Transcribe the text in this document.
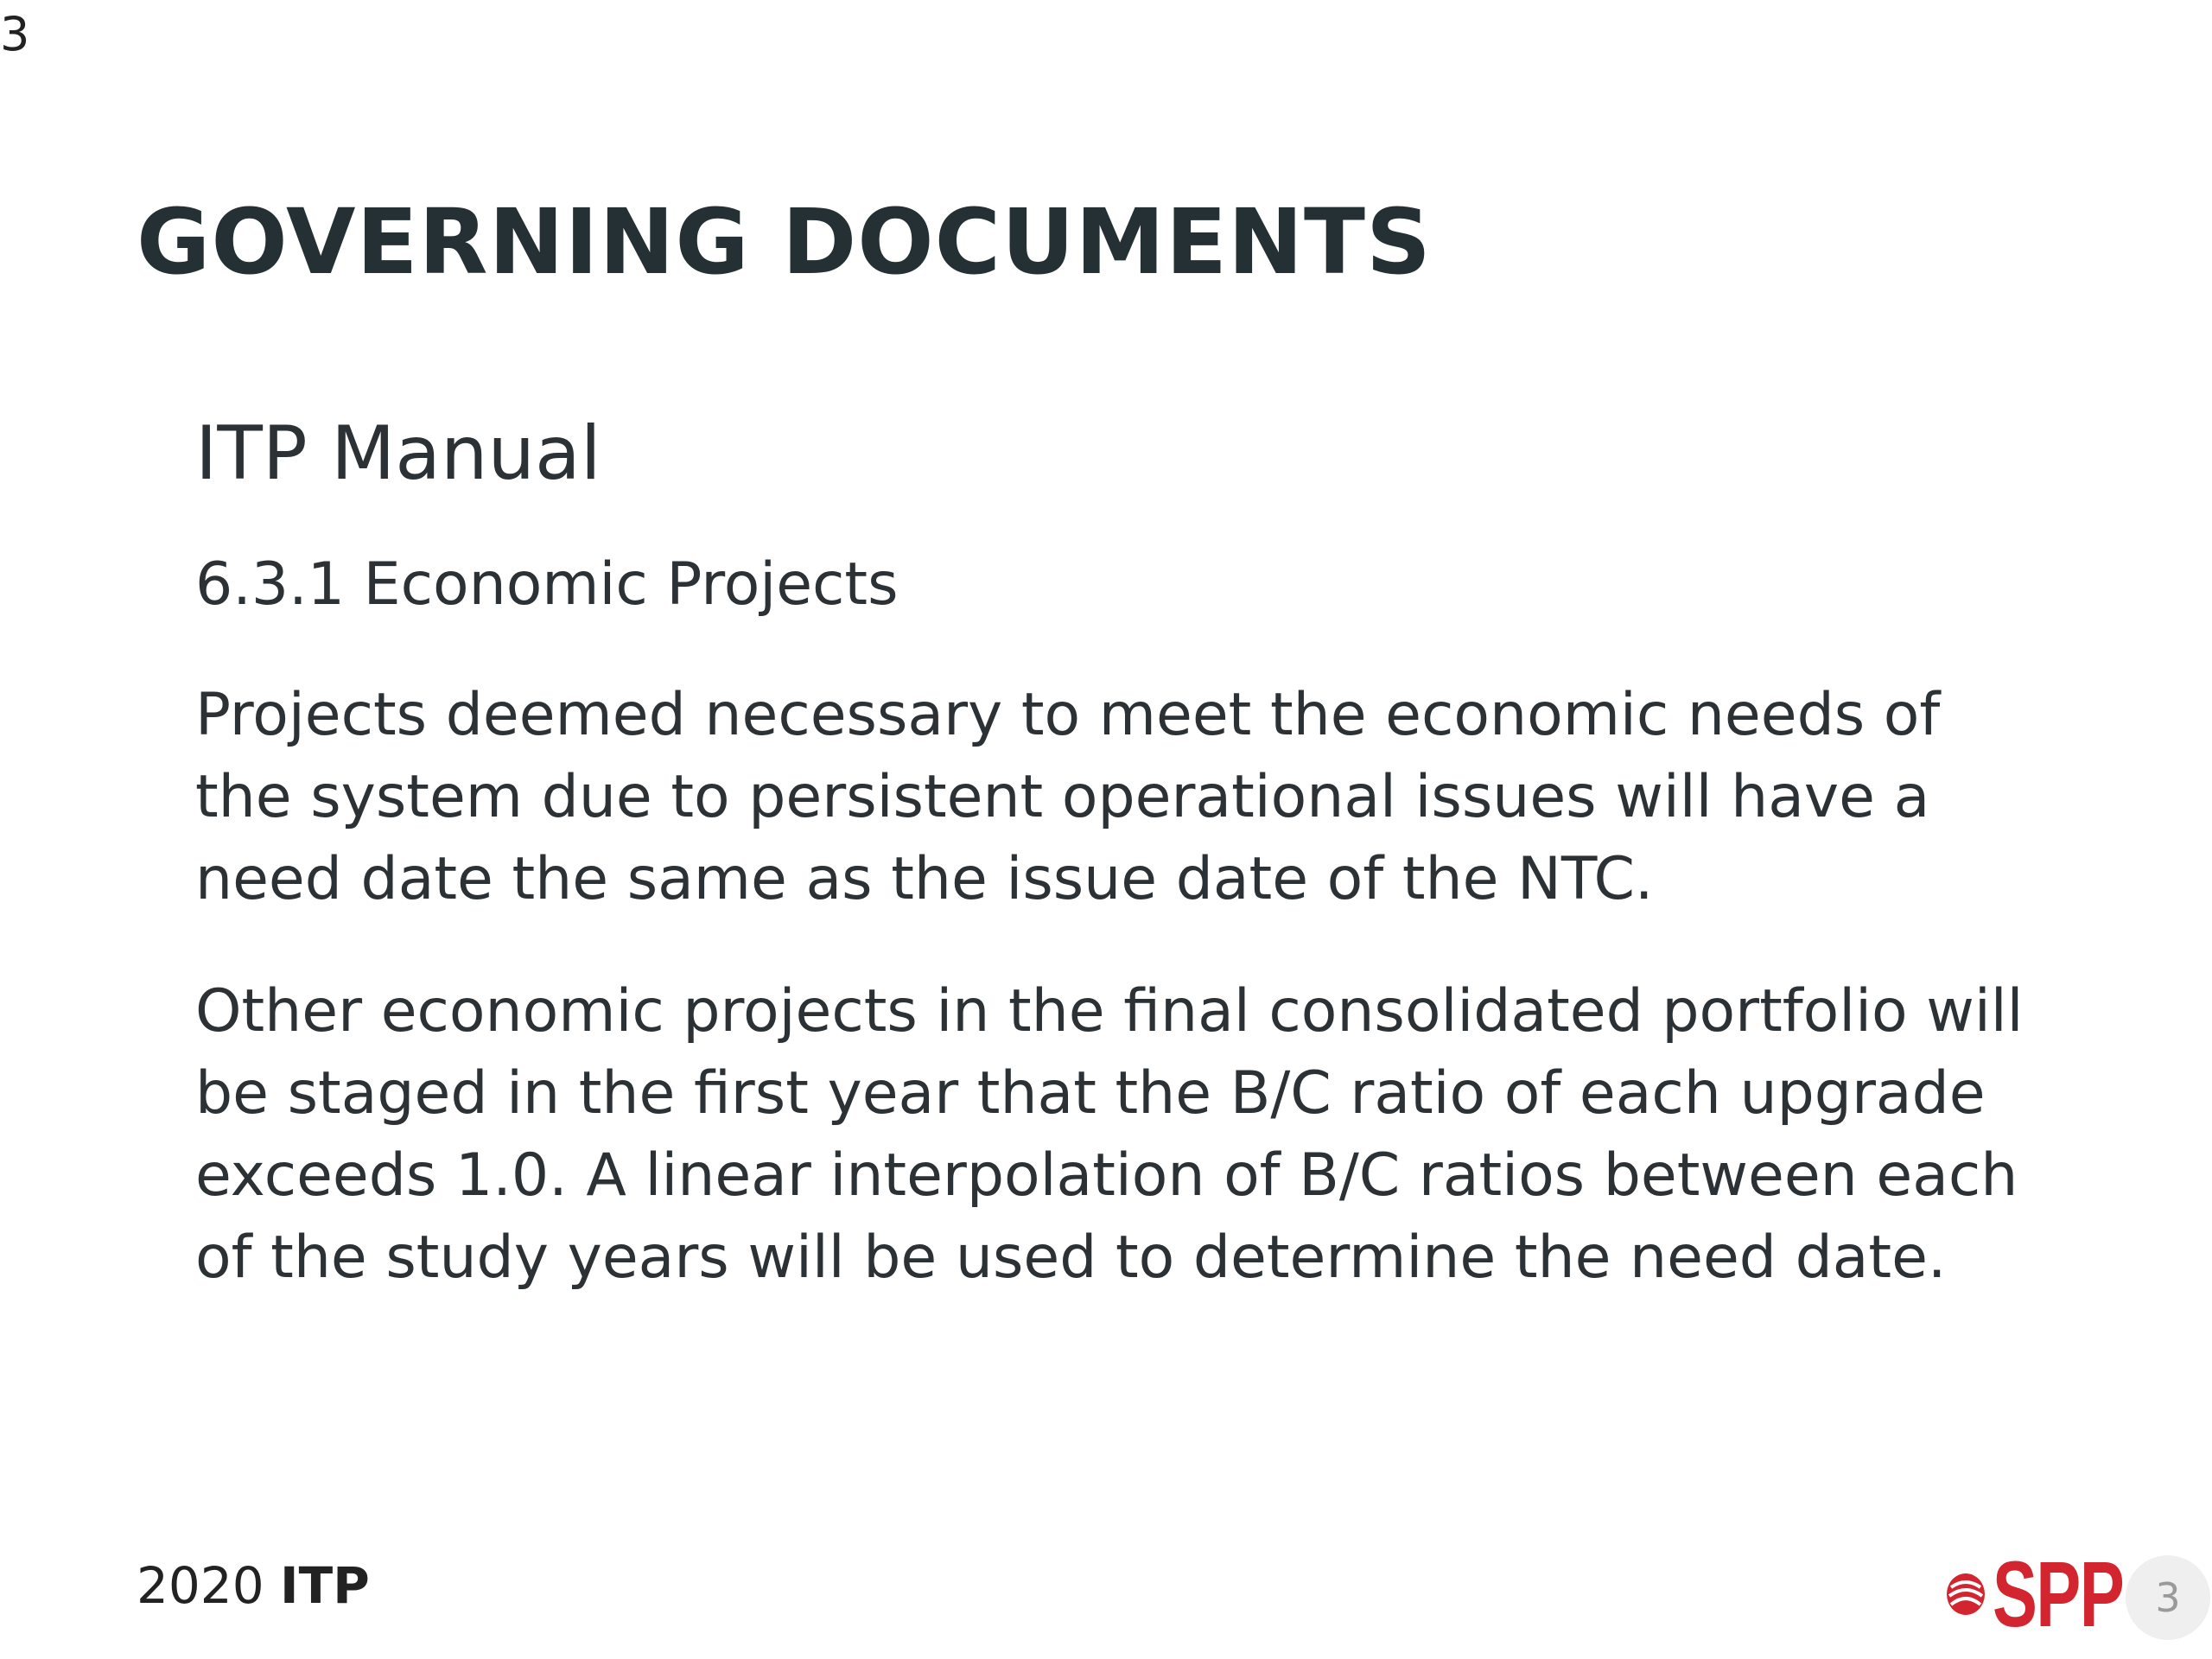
3
GOVERNING DOCUMENTS
ITP Manual
6.3.1 Economic Projects

Projects deemed necessary to meet the economic needs of the system due to persistent operational issues will have a need date the same as the issue date of the NTC.

Other economic projects in the final consolidated portfolio will be staged in the first year that the B/C ratio of each upgrade exceeds 1.0. A linear interpolation of B/C ratios between each of the study years will be used to determine the need date.

2020 ITP	SPP 3
